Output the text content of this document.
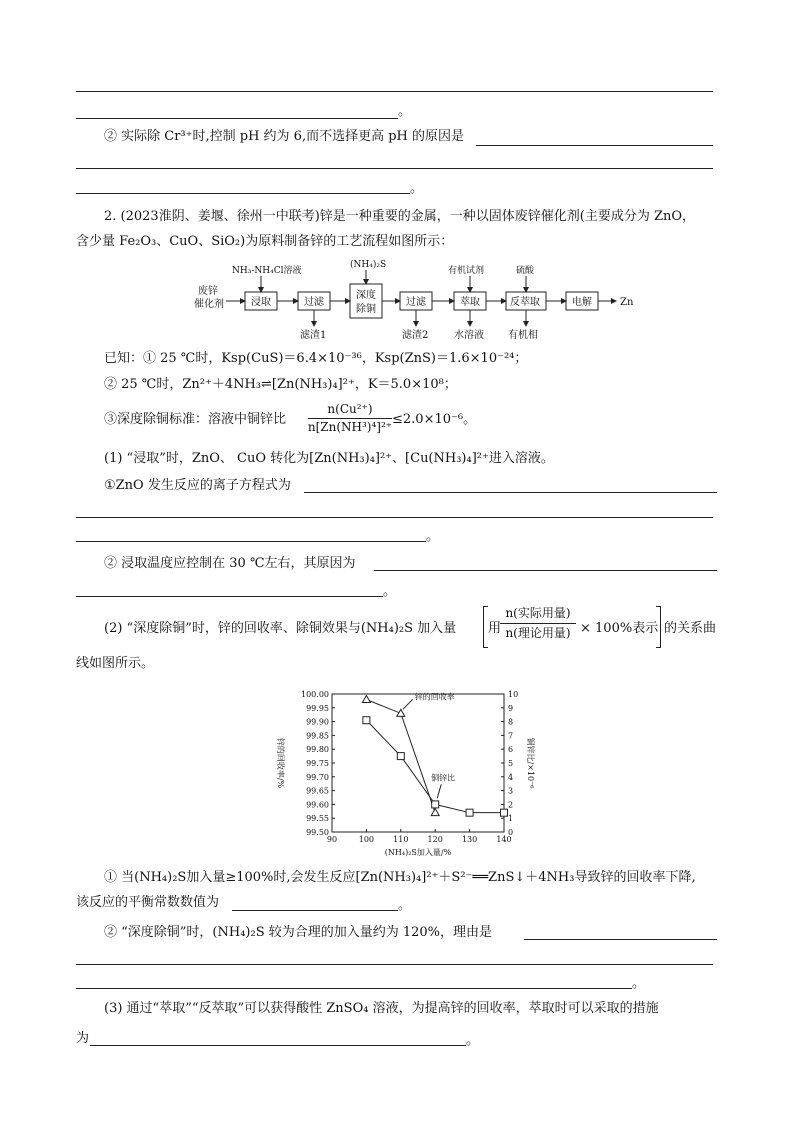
。
② 实际除 Cr³⁺时,控制 pH 约为 6,而不选择更高 pH 的原因是
。
2. (2023淮阴、姜堰、徐州一中联考)锌是一种重要的金属，一种以固体废锌催化剂(主要成分为 ZnO，
含少量 Fe₂O₃、CuO、SiO₂)为原料制备锌的工艺流程如图所示：
废锌
催化剂
NH₃-NH₄Cl溶液
(NH₄)₂S
有机试剂	硫酸
浸取	过滤
深度
除铜
过滤	萃取	反萃取	电解	Zn
滤渣1	滤渣2	水溶液 有机相
已知：① 25 ℃时，Ksp(CuS)＝6.4×10⁻³⁶，Ksp(ZnS)＝1.6×10⁻²⁴；
② 25 ℃时，Zn²⁺＋4NH₃⇌[Zn(NH₃)₄]²⁺，K＝5.0×10⁸；
③深度除铜标准：溶液中铜锌比
n(Cu²⁺)
n[Zn(NH³)⁴]²⁺ ≤2.0×10⁻⁶。
(1) “浸取”时，ZnO、 CuO 转化为[Zn(NH₃)₄]²⁺、[Cu(NH₃)₄]²⁺进入溶液。
①ZnO 发生反应的离子方程式为
。
② 浸取温度应控制在 30 ℃左右，其原因为
。
(2) “深度除铜”时，锌的回收率、除铜效果与(NH₄)₂S 加入量 用
n(实际用量)
n(理论用量) × 100%表示 的关系曲
线如图所示。
90	100 110 120 130 140
100.00
99.95
99.90
99.85
99.80
99.75
99.70
99.65
99.60
99.55
99.50
10
9
8
7
6
5
4
3
2
1
0
(NH₄)₂S加入量/%
锌的回收率/%	铜锌比/×10⁻⁶
锌的回收率
铜锌比
① 当(NH₄)₂S加入量≥100%时,会发生反应[Zn(NH₃)₄]²⁺＋S²⁻══ZnS↓＋4NH₃导致锌的回收率下降,
该反应的平衡常数数值为	。
② “深度除铜”时，(NH₄)₂S 较为合理的加入量约为 120%，理由是
。
(3) 通过“萃取”“反萃取”可以获得酸性 ZnSO₄ 溶液，为提高锌的回收率，萃取时可以采取的措施
为	。
